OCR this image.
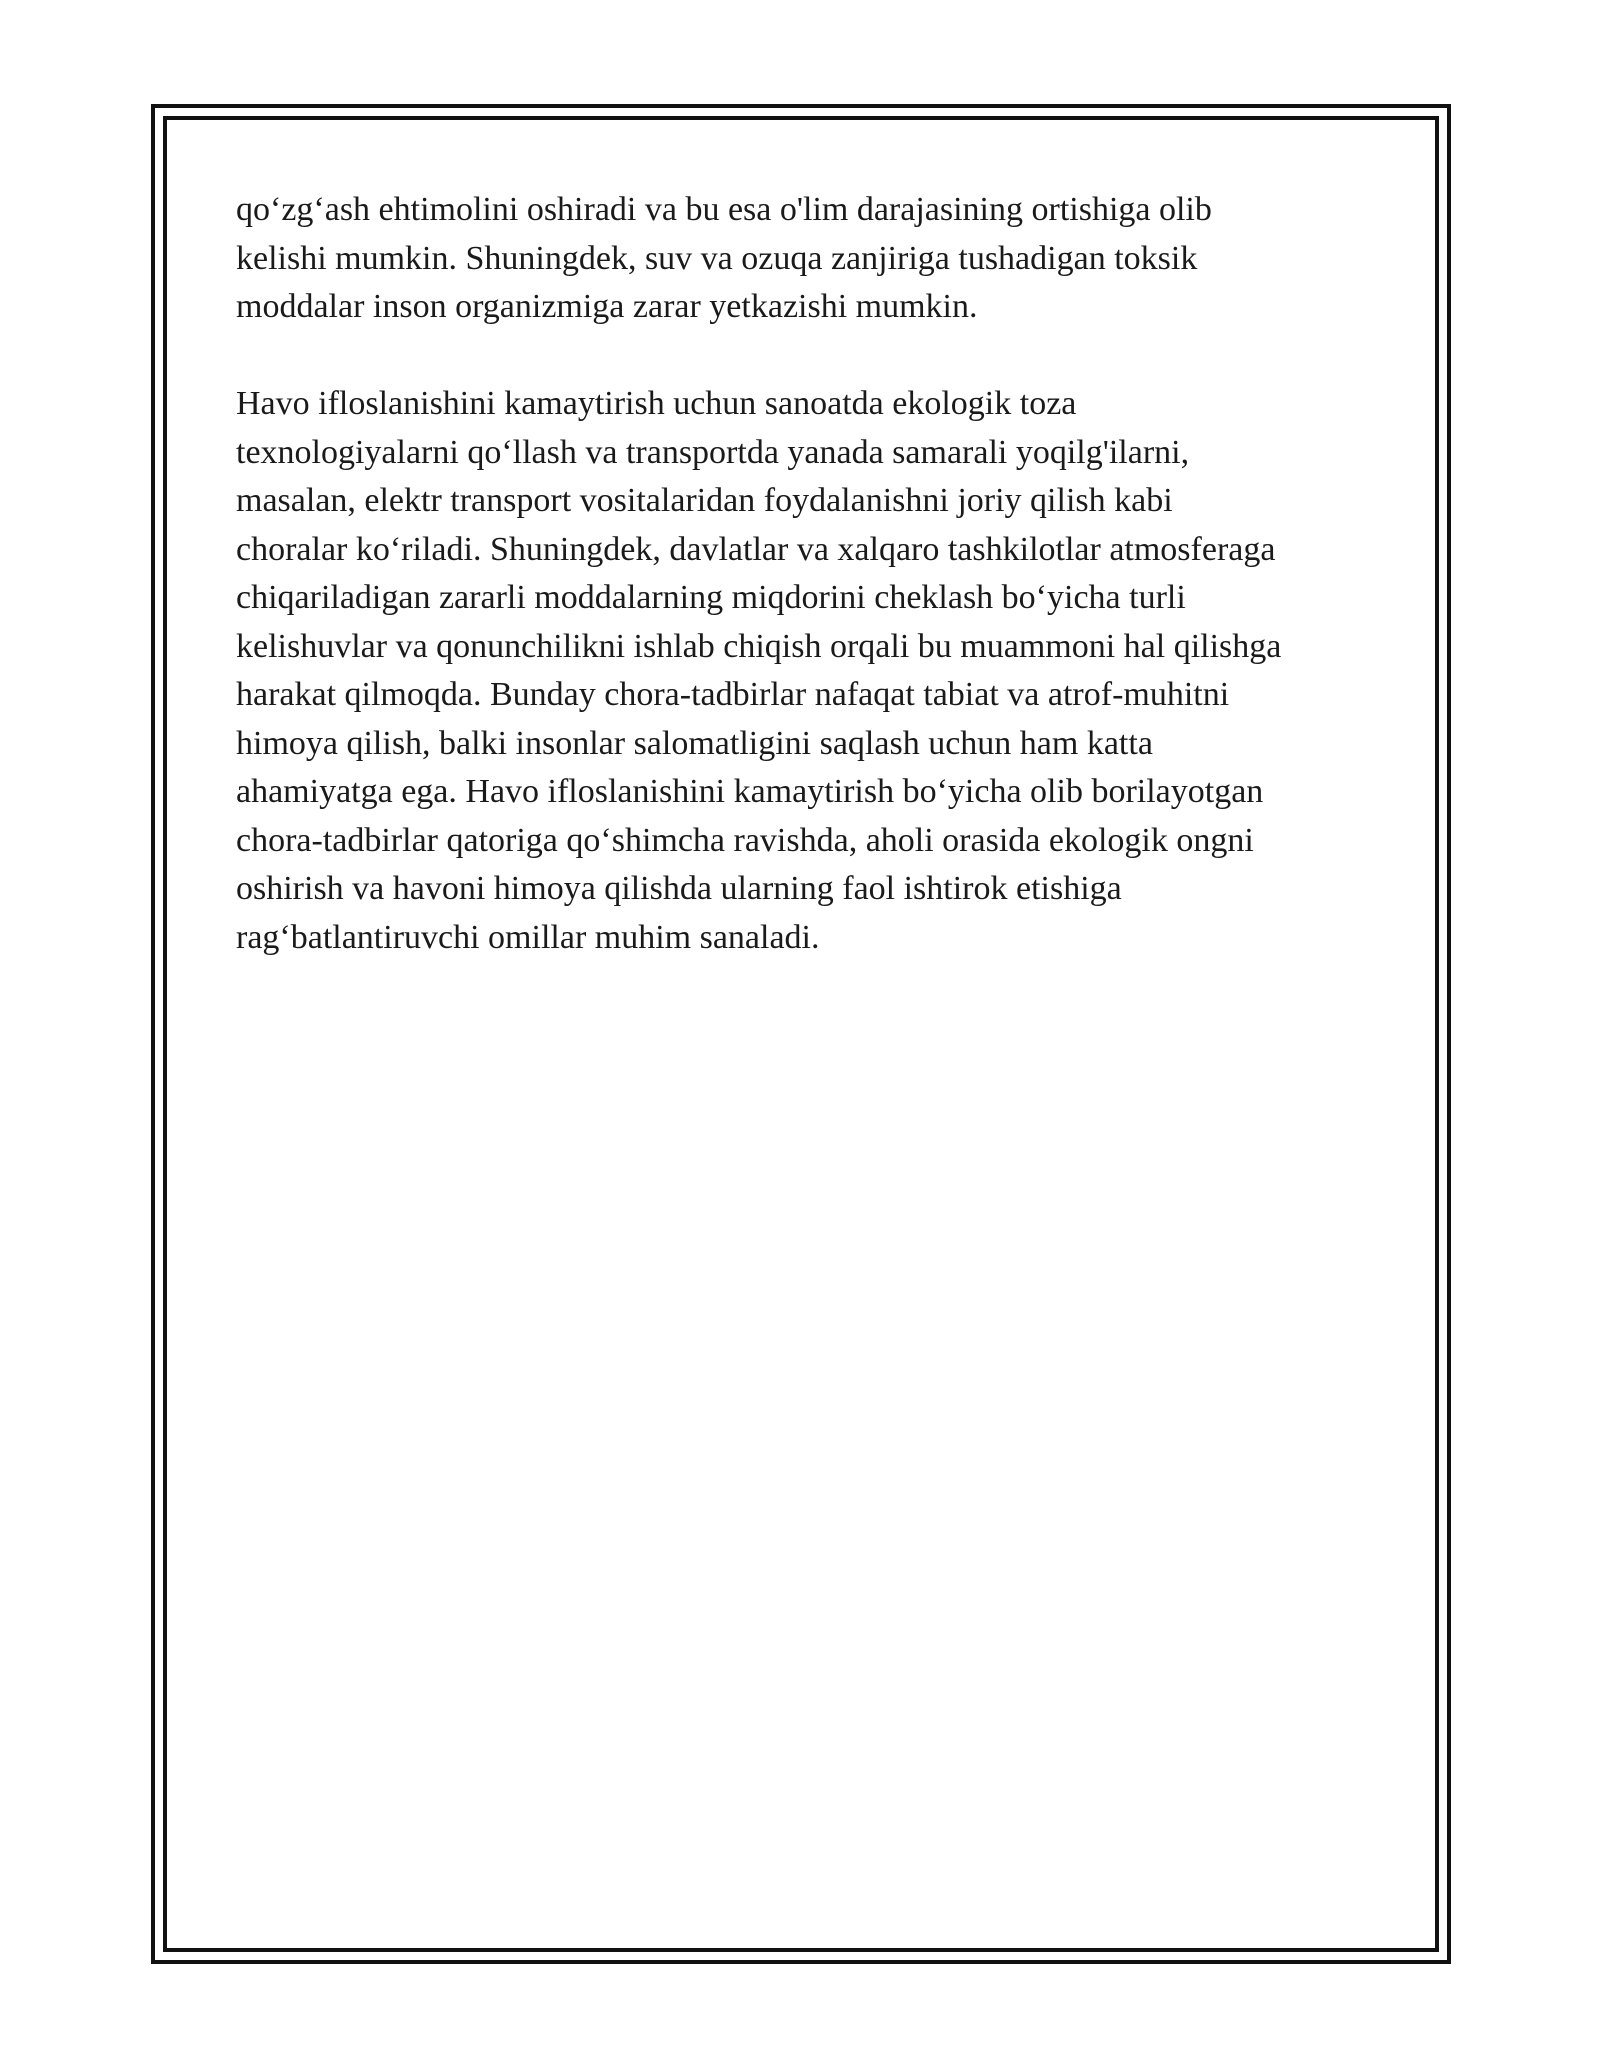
qo‘zg‘ash ehtimolini oshiradi va bu esa o'lim darajasining ortishiga olib
kelishi mumkin. Shuningdek, suv va ozuqa zanjiriga tushadigan toksik
moddalar inson organizmiga zarar yetkazishi mumkin.
Havo ifloslanishini kamaytirish uchun sanoatda ekologik toza
texnologiyalarni qo‘llash va transportda yanada samarali yoqilg'ilarni,
masalan, elektr transport vositalaridan foydalanishni joriy qilish kabi
choralar ko‘riladi. Shuningdek, davlatlar va xalqaro tashkilotlar atmosferaga
chiqariladigan zararli moddalarning miqdorini cheklash bo‘yicha turli
kelishuvlar va qonunchilikni ishlab chiqish orqali bu muammoni hal qilishga
harakat qilmoqda. Bunday chora-tadbirlar nafaqat tabiat va atrof-muhitni
himoya qilish, balki insonlar salomatligini saqlash uchun ham katta
ahamiyatga ega. Havo ifloslanishini kamaytirish bo‘yicha olib borilayotgan
chora-tadbirlar qatoriga qo‘shimcha ravishda, aholi orasida ekologik ongni
oshirish va havoni himoya qilishda ularning faol ishtirok etishiga
rag‘batlantiruvchi omillar muhim sanaladi.
